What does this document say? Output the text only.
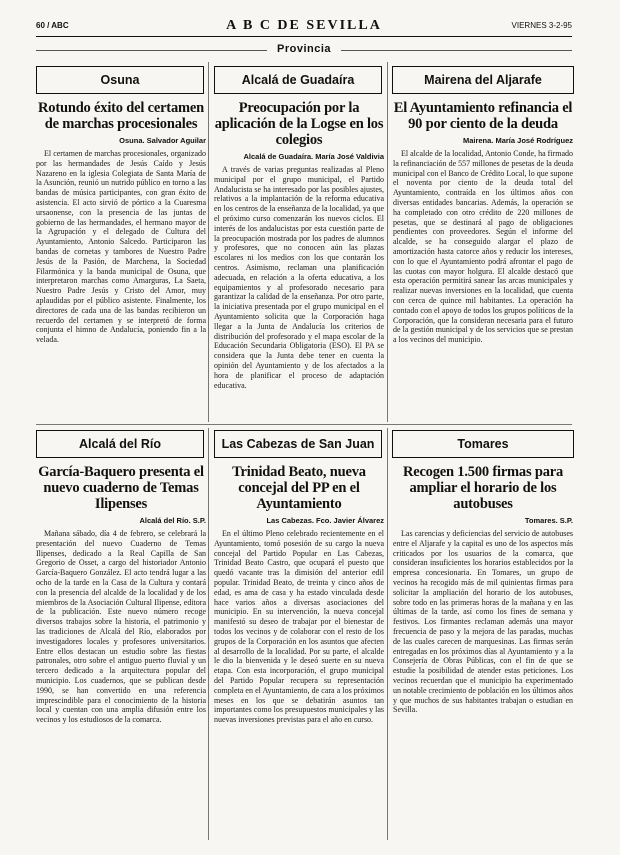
60 / ABC	A B C DE SEVILLA	VIERNES 3-2-95
Provincia
Osuna	Alcalá de Guadaíra	Mairena del Aljarafe
Rotundo éxito del certamen de marchas procesionales
Osuna. Salvador Aguilar

El certamen de marchas procesionales, organizado por las hermandades de Jesús Caído y Jesús Nazareno en la iglesia Colegiata de Santa María de la Asunción, reunió un nutrido público en torno a las bandas de música participantes, con gran éxito de asistencia. El acto sirvió de pórtico a la Cuaresma ursaonense, con la presencia de las juntas de gobierno de las hermandades, el hermano mayor de la Agrupación y el delegado de Cultura del Ayuntamiento, Antonio Salcedo. Participaron las bandas de cornetas y tambores de Nuestro Padre Jesús de la Pasión, de Marchena, la Sociedad Filarmónica y la banda municipal de Osuna, que interpretaron marchas como Amarguras, La Saeta, Nuestro Padre Jesús y Cristo del Amor, muy aplaudidas por el público asistente. Finalmente, los directores de cada una de las bandas recibieron un recuerdo del certamen y se interpretó de forma conjunta el himno de Andalucía, poniendo fin a la velada.

Preocupación por la aplicación de la Logse en los colegios
Alcalá de Guadaíra. María José Valdivia

A través de varias preguntas realizadas al Pleno municipal por el grupo municipal, el Partido Andalucista se ha interesado por las posibles ajustes, relativos a la implantación de la reforma educativa en los centros de la enseñanza de la localidad, ya que el próximo curso comenzarán los nuevos ciclos. El interés de los andalucistas por esta cuestión parte de la preocupación mostrada por los padres de alumnos y profesores, que no conocen aún las plazas escolares ni los medios con los que contarán los centros. Asimismo, reclaman una planificación adecuada, en relación a la oferta educativa, a los equipamientos y al profesorado necesario para garantizar la calidad de la enseñanza. Por otro parte, la iniciativa presentada por el grupo municipal en el Ayuntamiento solicita que la Corporación haga llegar a la Junta de Andalucía los criterios de distribución del profesorado y el mapa escolar de la Educación Secundaria Obligatoria (ESO). El PA se considera que la Junta debe tener en cuenta la opinión del Ayuntamiento y de los afectados a la hora de planificar el proceso de adaptación educativa.

El Ayuntamiento refinancia el 90 por ciento de la deuda
Mairena. María José Rodríguez

El alcalde de la localidad, Antonio Conde, ha firmado la refinanciación de 557 millones de pesetas de la deuda municipal con el Banco de Crédito Local, lo que supone el noventa por ciento de la deuda total del Ayuntamiento, contraída en los últimos años con diversas entidades bancarias. Además, la operación se ha completado con otro crédito de 220 millones de pesetas, que se destinará al pago de obligaciones pendientes con proveedores. Según el informe del alcalde, se ha conseguido alargar el plazo de amortización hasta catorce años y reducir los intereses, con lo que el Ayuntamiento podrá afrontar el pago de las cuotas con mayor holgura. El alcalde destacó que esta operación permitirá sanear las arcas municipales y realizar nuevas inversiones en la localidad, que cuenta con cerca de quince mil habitantes. La operación ha contado con el apoyo de todos los grupos políticos de la Corporación, que la consideran necesaria para el futuro de la gestión municipal y de los servicios que se prestan a los vecinos del municipio.

Alcalá del Río	Las Cabezas de San Juan	Tomares
García-Baquero presenta el nuevo cuaderno de Temas Ilipenses
Alcalá del Río. S.P.

Mañana sábado, día 4 de febrero, se celebrará la presentación del nuevo Cuaderno de Temas Ilipenses, dedicado a la Real Capilla de San Gregorio de Osset, a cargo del historiador Antonio García-Baquero González. El acto tendrá lugar a las ocho de la tarde en la Casa de la Cultura y contará con la presencia del alcalde de la localidad y de los miembros de la Asociación Cultural Ilipense, editora de la publicación. Este nuevo número recoge diversos trabajos sobre la historia, el patrimonio y las tradiciones de Alcalá del Río, elaborados por investigadores locales y profesores universitarios. Entre ellos destacan un estudio sobre las fiestas patronales, otro sobre el antiguo puerto fluvial y un tercero dedicado a la arquitectura popular del municipio. Los cuadernos, que se publican desde 1990, se han convertido en una referencia imprescindible para el conocimiento de la historia local y cuentan con una amplia difusión entre los vecinos y los estudiosos de la comarca.

Trinidad Beato, nueva concejal del PP en el Ayuntamiento
Las Cabezas. Fco. Javier Álvarez

En el último Pleno celebrado recientemente en el Ayuntamiento, tomó posesión de su cargo la nueva concejal del Partido Popular en Las Cabezas, Trinidad Beato Castro, que ocupará el puesto que quedó vacante tras la dimisión del anterior edil popular. Trinidad Beato, de treinta y cinco años de edad, es ama de casa y ha estado vinculada desde hace varios años a diversas asociaciones del municipio. En su intervención, la nueva concejal manifestó su deseo de trabajar por el bienestar de todos los vecinos y de colaborar con el resto de los grupos de la Corporación en los asuntos que afecten al desarrollo de la localidad. Por su parte, el alcalde le dio la bienvenida y le deseó suerte en su nueva etapa. Con esta incorporación, el grupo municipal del Partido Popular recupera su representación completa en el Ayuntamiento, de cara a los próximos meses en los que se debatirán asuntos tan importantes como los presupuestos municipales y las nuevas inversiones previstas para el año en curso.

Recogen 1.500 firmas para ampliar el horario de los autobuses
Tomares. S.P.

Las carencias y deficiencias del servicio de autobuses entre el Aljarafe y la capital es uno de los aspectos más criticados por los usuarios de la comarca, que consideran insuficientes los horarios establecidos por la empresa concesionaria. En Tomares, un grupo de vecinos ha recogido más de mil quinientas firmas para solicitar la ampliación del horario de los autobuses, sobre todo en las primeras horas de la mañana y en las últimas de la tarde, así como los fines de semana y festivos. Los firmantes reclaman además una mayor frecuencia de paso y la mejora de las paradas, muchas de las cuales carecen de marquesinas. Las firmas serán entregadas en los próximos días al Ayuntamiento y a la Consejería de Obras Públicas, con el fin de que se estudie la posibilidad de atender estas peticiones. Los vecinos recuerdan que el municipio ha experimentado un notable crecimiento de población en los últimos años y que muchos de sus habitantes trabajan o estudian en Sevilla.
